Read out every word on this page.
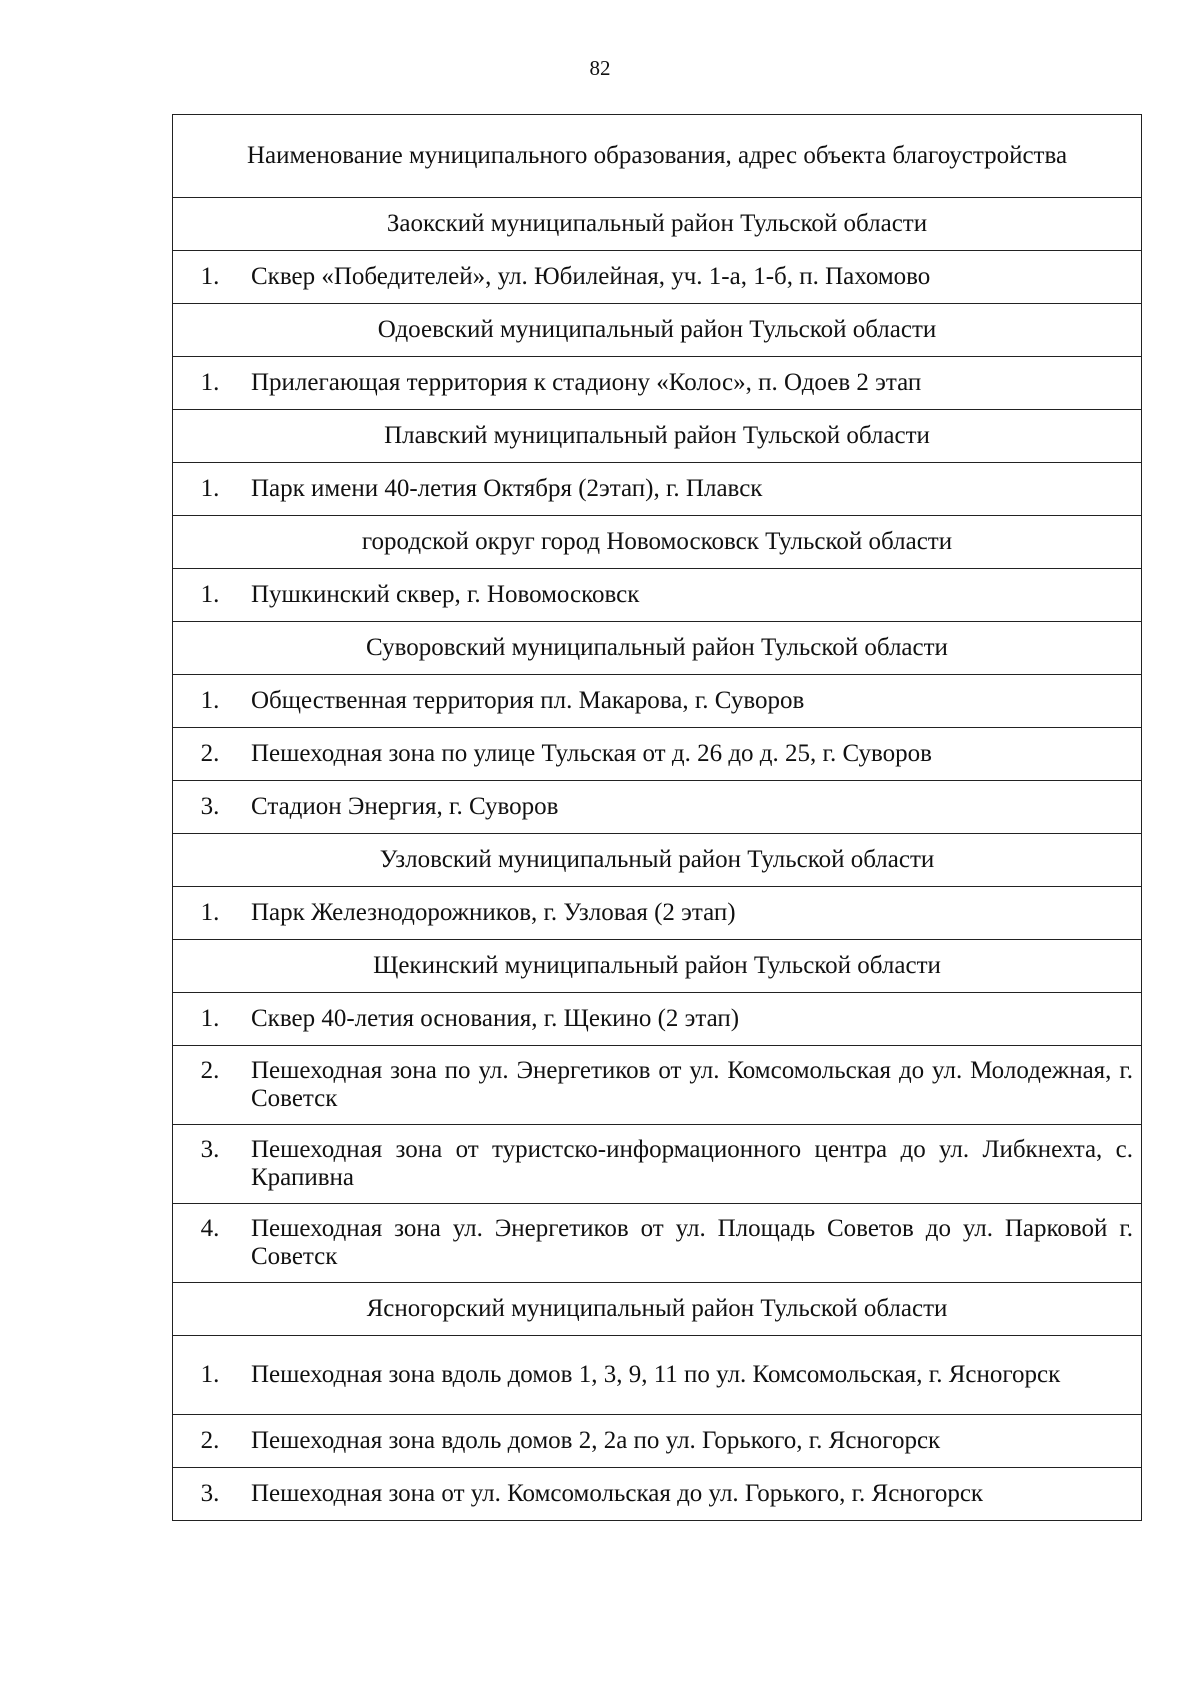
82
Наименование муниципального образования, адрес объекта благоустройства
Заокский муниципальный район Тульской области

1.	Сквер «Победителей», ул. Юбилейная, уч. 1-а, 1-б, п. Пахомово

Одоевский муниципальный район Тульской области

1.	Прилегающая территория к стадиону «Колос», п. Одоев 2 этап

Плавский муниципальный район Тульской области

1.	Парк имени 40-летия Октября (2этап), г. Плавск

городской округ город Новомосковск Тульской области

1.	Пушкинский сквер, г. Новомосковск

Суворовский муниципальный район Тульской области

1.	Общественная территория пл. Макарова, г. Суворов

2.	Пешеходная зона по улице Тульская от д. 26 до д. 25, г. Суворов

3.	Стадион Энергия, г. Суворов

Узловский муниципальный район Тульской области

1.	Парк Железнодорожников, г. Узловая (2 этап)

Щекинский муниципальный район Тульской области

1.	Сквер 40-летия основания, г. Щекино (2 этап)

2.	Пешеходная зона по ул. Энергетиков от ул. Комсомольская до ул. Молодежная, г. Советск

3.	Пешеходная зона от туристско-информационного центра до ул. Либкнехта, с. Крапивна

4.	Пешеходная зона ул. Энергетиков от ул. Площадь Советов до ул. Парковой г. Советск

Ясногорский муниципальный район Тульской области

1.	Пешеходная зона вдоль домов 1, 3, 9, 11 по ул. Комсомольская, г. Ясногорск

2.	Пешеходная зона вдоль домов 2, 2а по ул. Горького, г. Ясногорск

3.	Пешеходная зона от ул. Комсомольская до ул. Горького, г. Ясногорск
